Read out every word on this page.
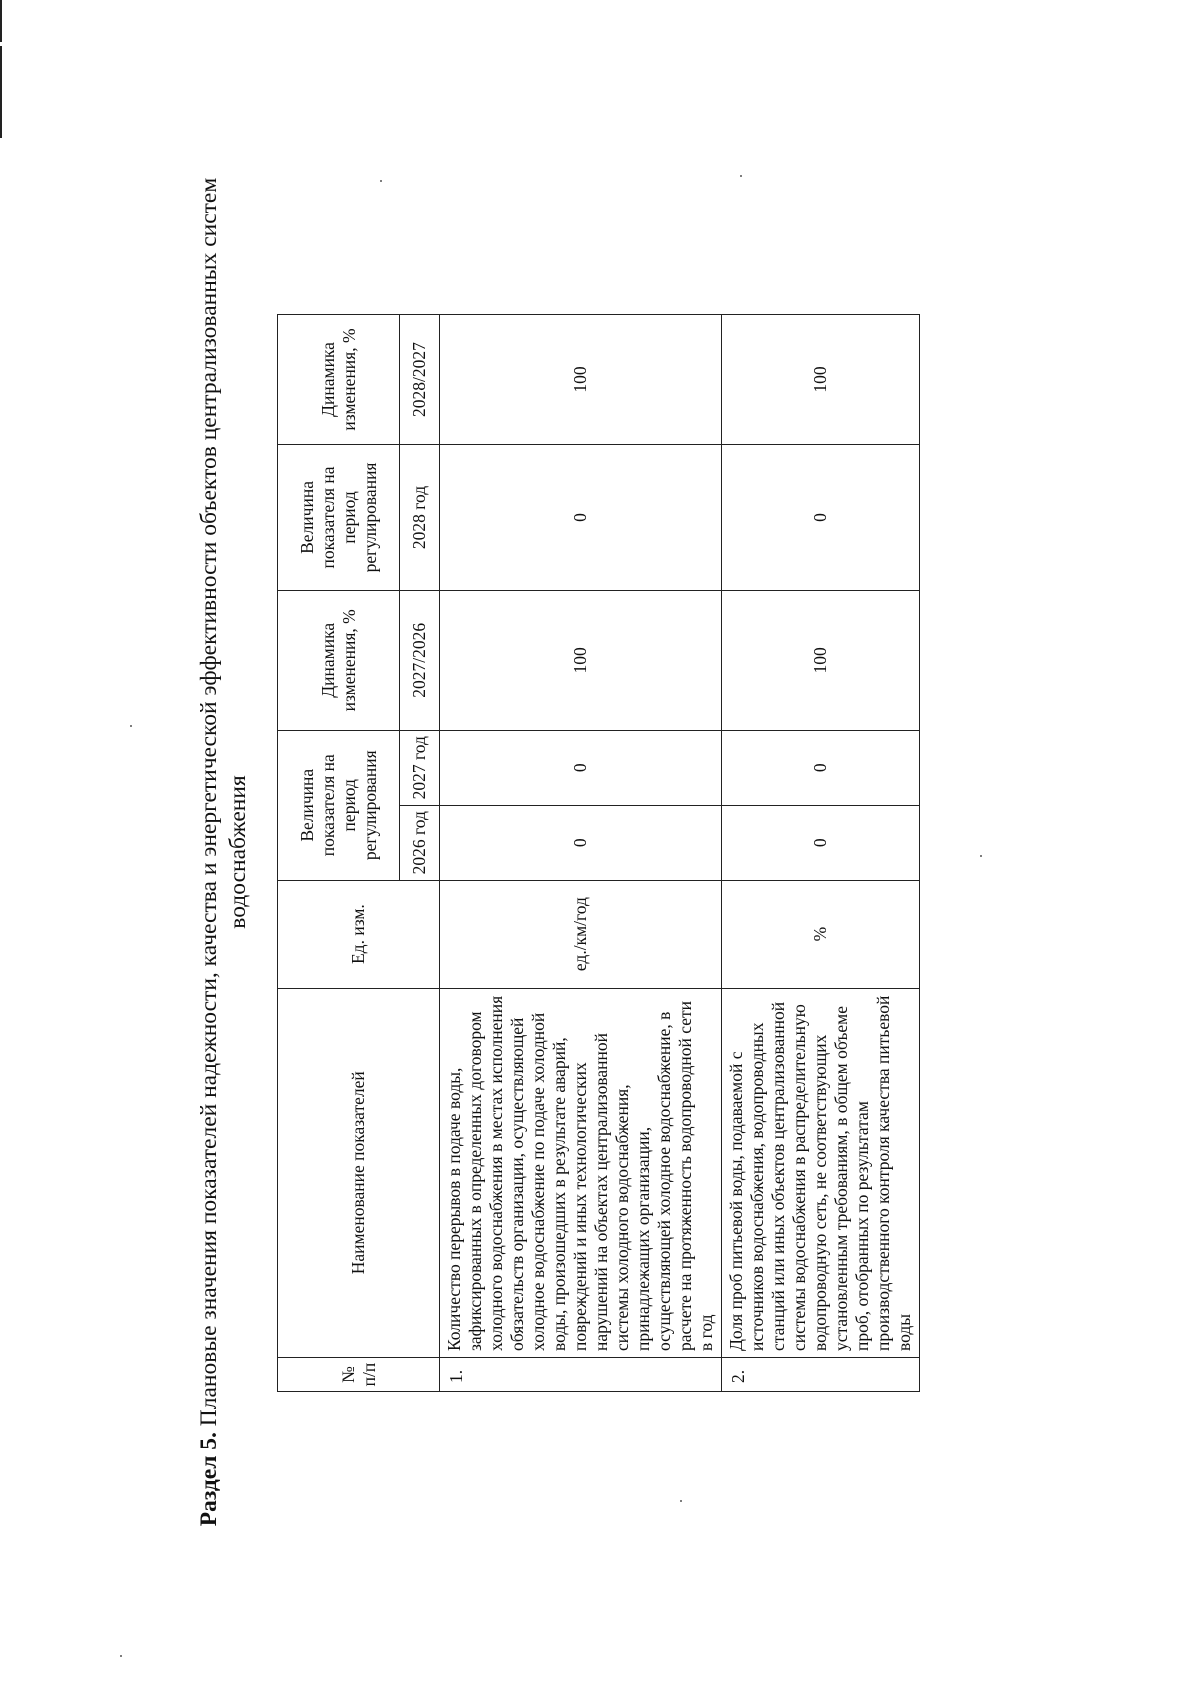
Раздел 5. Плановые значения показателей надежности, качества и энергетической эффективности объектов централизованных систем водоснабжения
№ п/п	Наименование показателей	Ед. изм.	Величина показателя на период регулирования		Динамика изменения, %	Величина показателя на период регулирования	Динамика изменения, %
			2026 год	2027 год	2027/2026	2028 год	2028/2027
1.	Количество перерывов в подаче воды, зафиксированных в определенных договором холодного водоснабжения в местах исполнения обязательств организации, осуществляющей холодное водоснабжение по подаче холодной воды, произошедших в результате аварий, повреждений и иных технологических нарушений на объектах централизованной системы холодного водоснабжения, принадлежащих организации, осуществляющей холодное водоснабжение, в расчете на протяженность водопроводной сети в год	ед./км/год	0	0	100	0	100
2.	Доля проб питьевой воды, подаваемой с источников водоснабжения, водопроводных станций или иных объектов централизованной системы водоснабжения в распределительную водопроводную сеть, не соответствующих установленным требованиям, в общем объеме проб, отобранных по результатам производственного контроля качества питьевой воды	%	0	0	100	0	100
